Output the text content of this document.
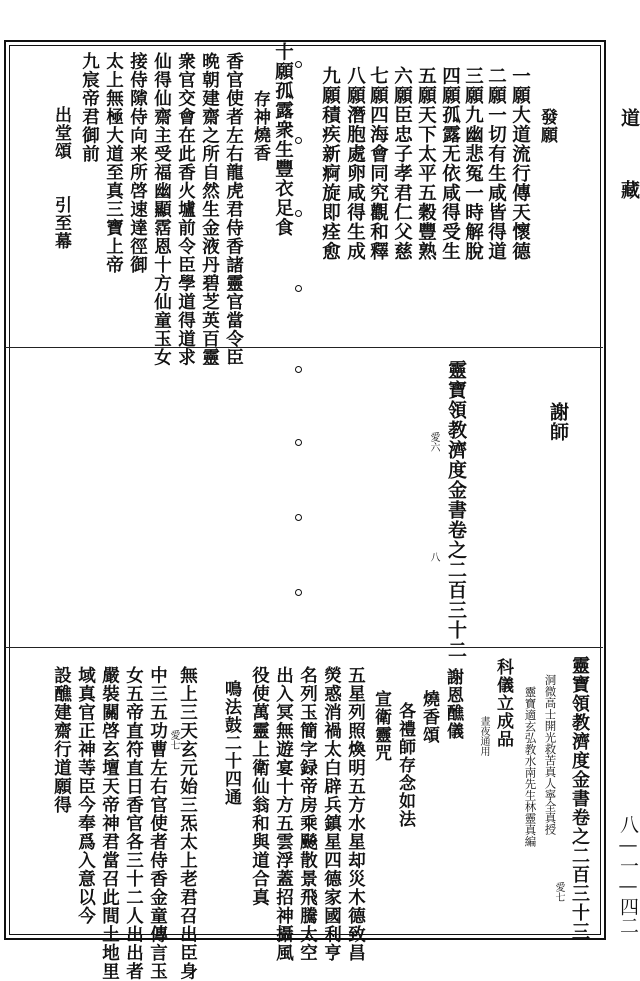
道
藏
八—一—四二
發願
一願大道流行傳天懷德
二願一切有生咸皆得道
三願九幽悲冤一時解脫
四願孤露无依咸得受生
五願天下太平五穀豐熟
六願臣忠子孝君仁父慈
七願四海會同究觀和釋
八願潛胞處卵咸得生成
九願積疾新痾旋即痊愈
十願孤露衆生豐衣足食
存神燒香
香官使者左右龍虎君侍香諸靈官當令臣
晩朝建齋之所自然生金液丹碧芝英百靈
衆官交會在此香火壚前令臣學道得道求
仙得仙齋主受福幽顯霑恩十方仙童玉女
接侍𨻶侍向来所啓速達徑御
太上無極大道至真三寶上帝
九宸帝君御前
出堂頌
引至幕
謝師
靈寶領教濟度金書卷之二百三十二
愛六
八
靈寶領教濟度金書卷之二百三十三
愛七
洞微高士開光救苦真人寧全真授
靈寶適玄弘教水南先生林靈真編
科儀立成品
晝夜通用
謝恩醮儀
燒香頌
各禮師存念如法
宣衛靈咒
五星列照煥明五方水星却災木德致昌
熒惑消禍太白辟兵鎮星四德家國利亨
名列玉簡字録帝房乘飈散景飛騰太空
出入冥無遊宴十方五雲浮蓋招神攝風
役使萬靈上衛仙翁和與道合真
鳴法鼓二十四通
愛七
無上三天玄元始三炁太上老君召出臣身
中三五功曹左右官使者侍香金童傳言玉
女五帝直符直日香官各三十二人出出者
嚴裝關啓玄壇天帝神君當召此間土地里
域真官正神䓁臣今奉爲入意以今
設醮建齋行道願得
